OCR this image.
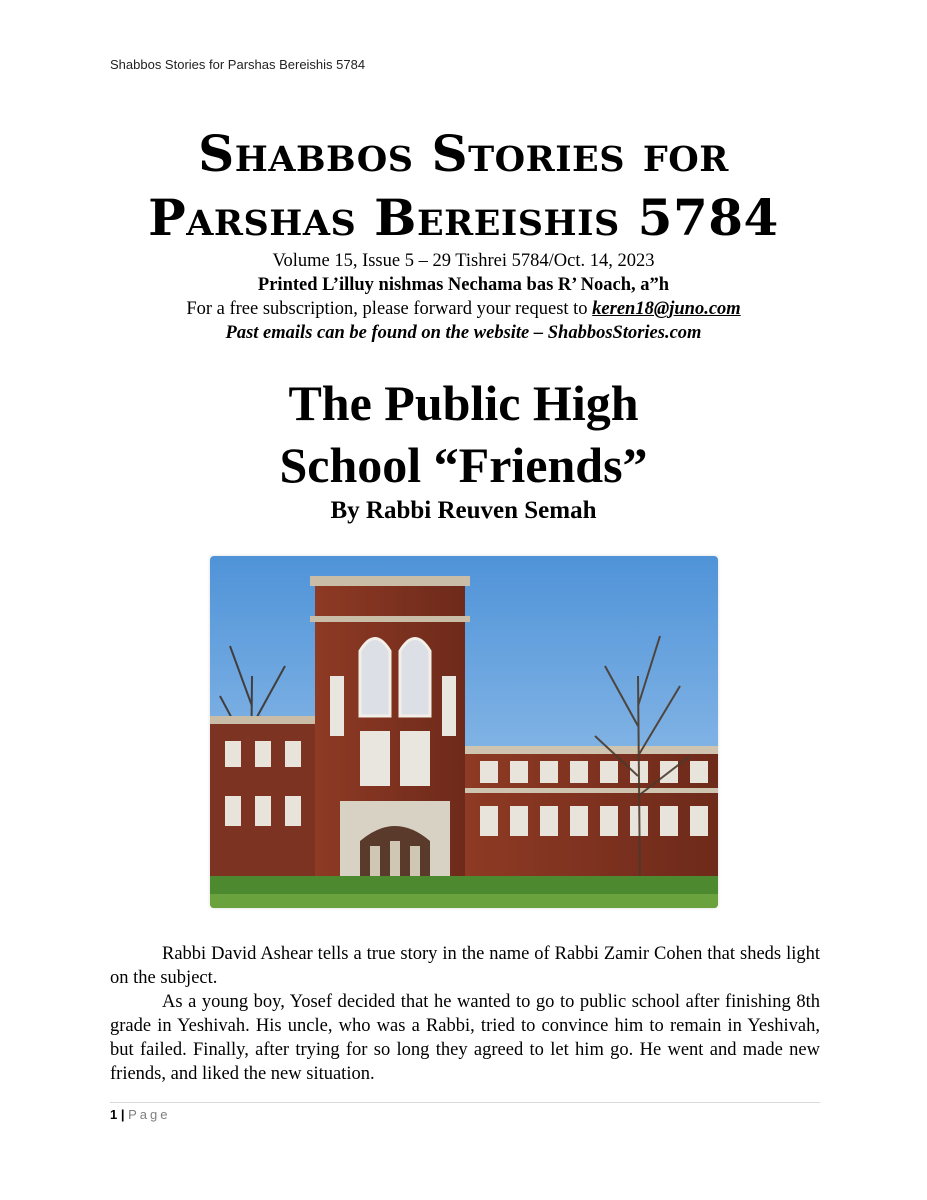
Shabbos Stories for Parshas Bereishis 5784
Shabbos Stories for
Parshas Bereishis 5784
Volume 15, Issue 5 – 29 Tishrei 5784/Oct. 14, 2023
Printed L’illuy nishmas Nechama bas R’ Noach, a”h
For a free subscription, please forward your request to keren18@juno.com
Past emails can be found on the website – ShabbosStories.com
The Public High
School “Friends”
By Rabbi Reuven Semah

Rabbi David Ashear tells a true story in the name of Rabbi Zamir Cohen that sheds light on the subject.

As a young boy, Yosef decided that he wanted to go to public school after finishing 8th grade in Yeshivah. His uncle, who was a Rabbi, tried to convince him to remain in Yeshivah, but failed. Finally, after trying for so long they agreed to let him go. He went and made new friends, and liked the new situation.

1 | Page
